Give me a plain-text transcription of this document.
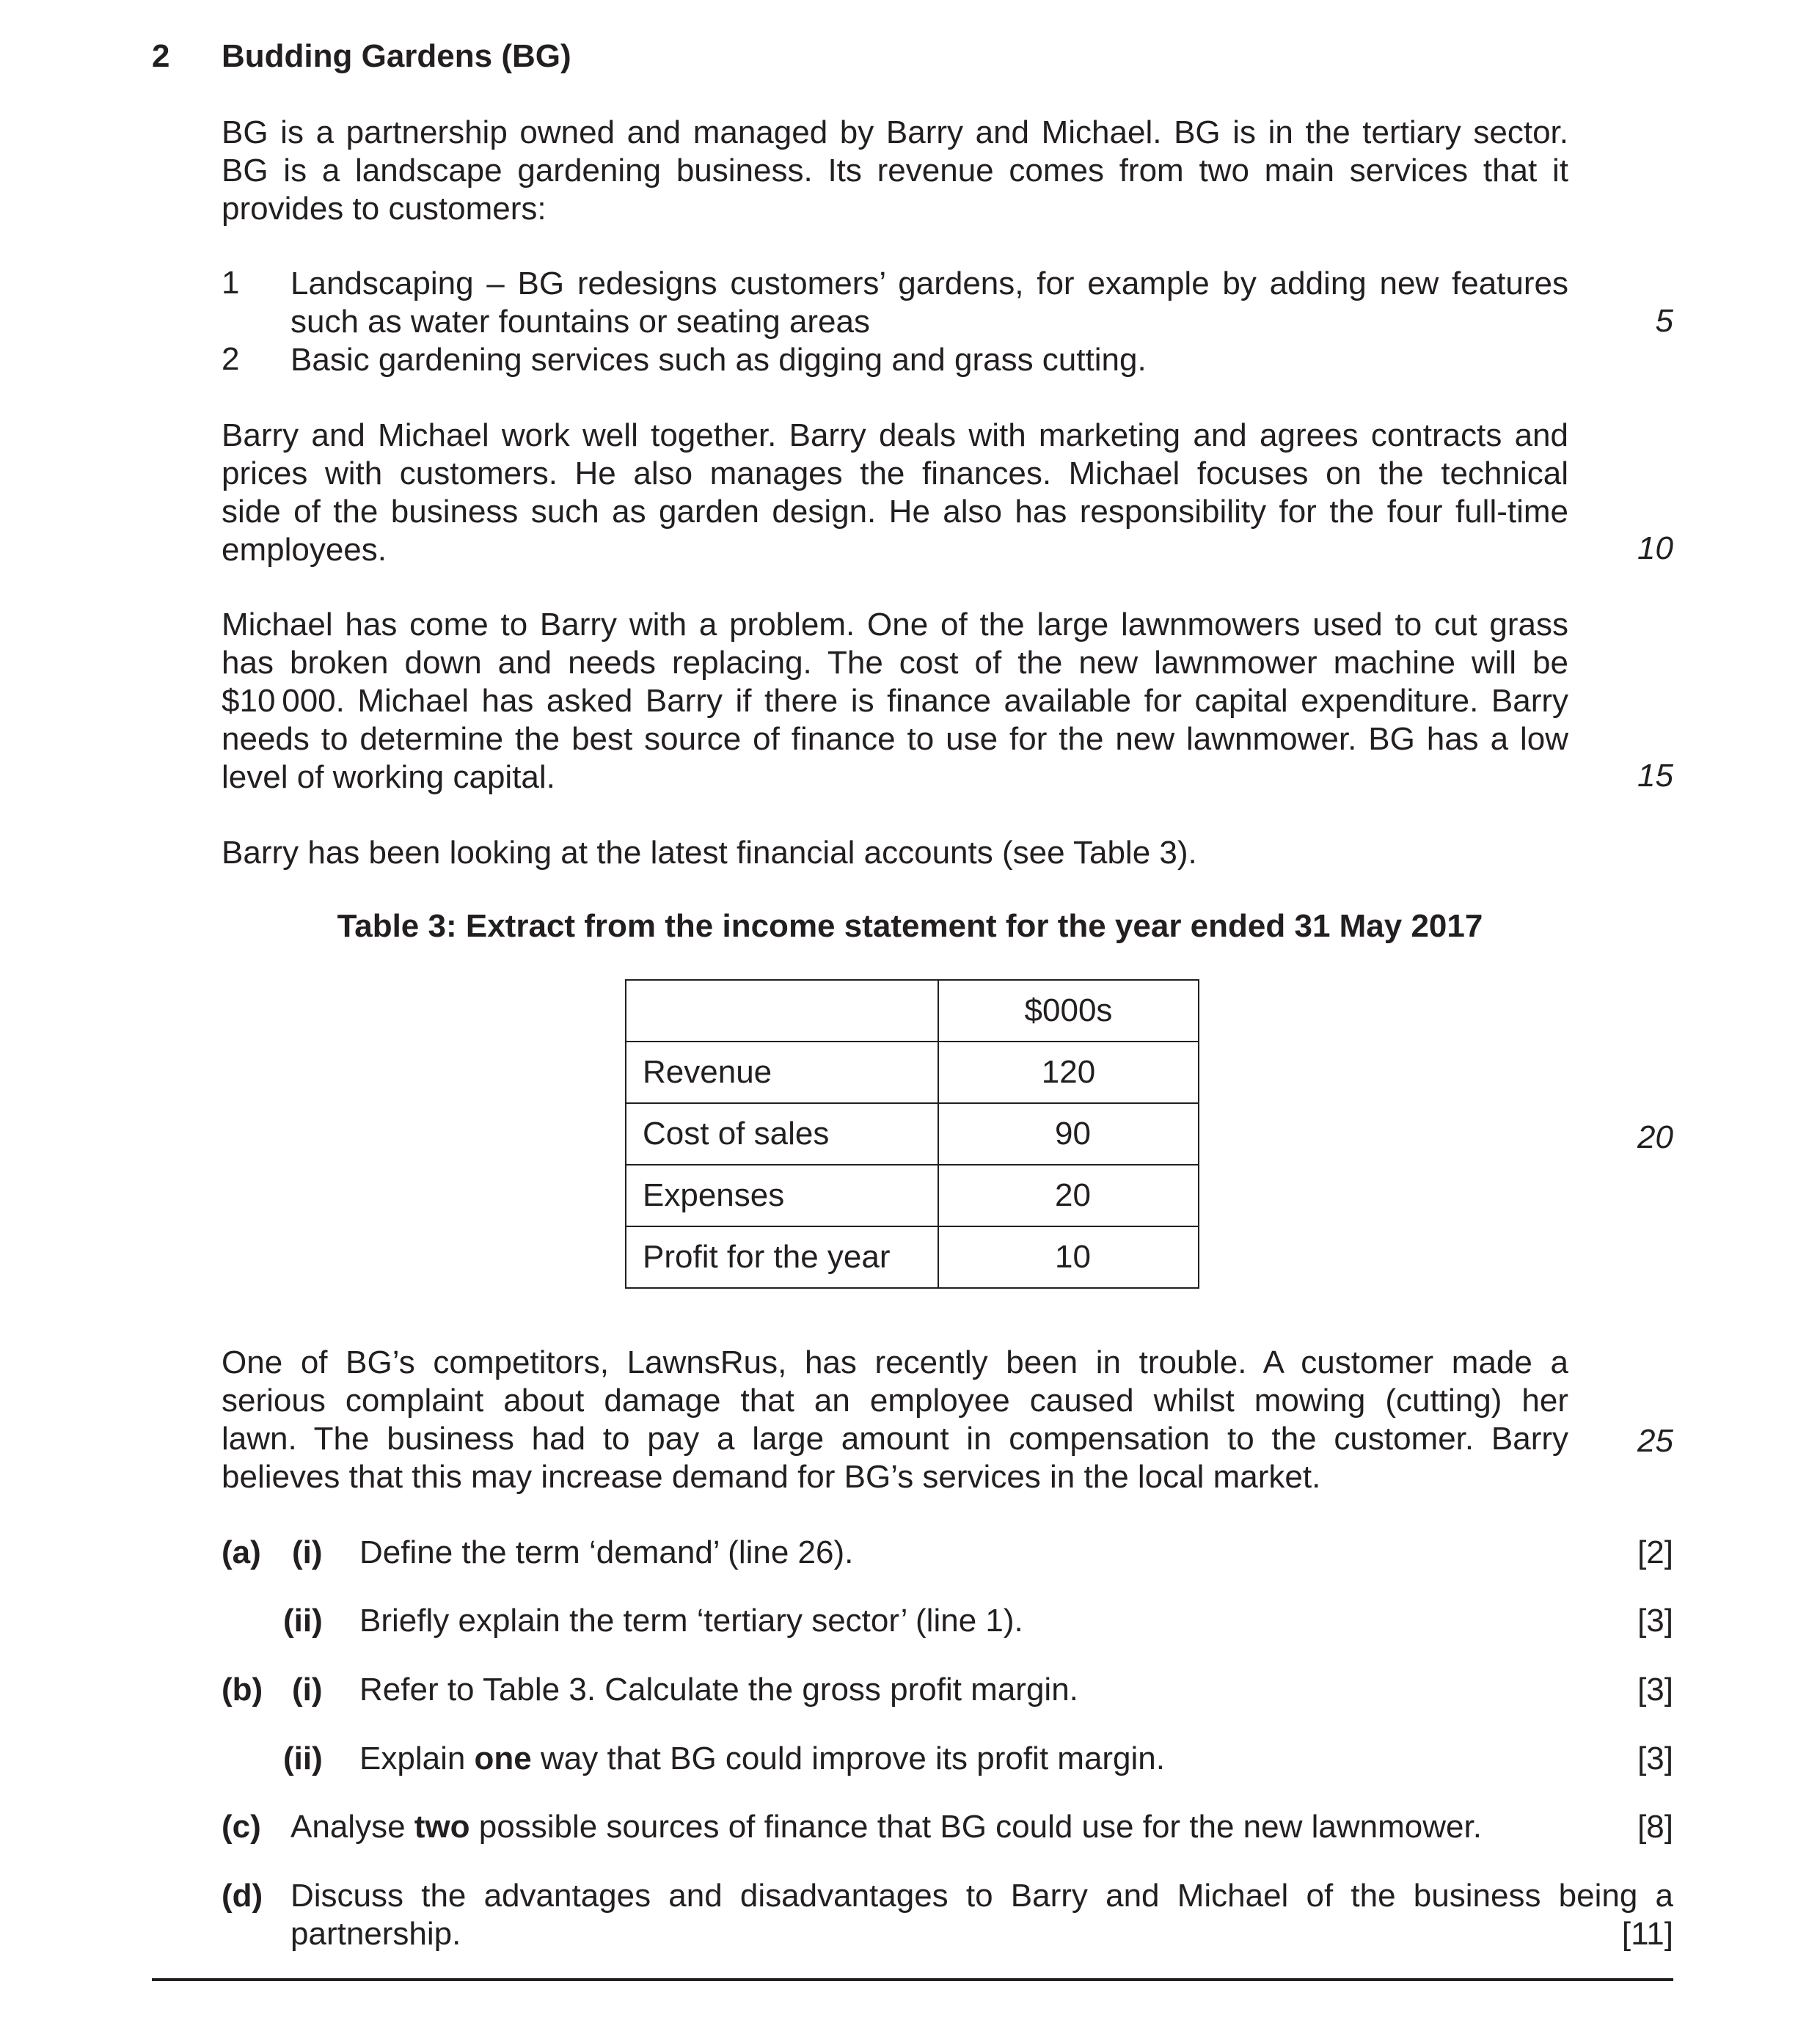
2 Budding Gardens (BG)
BG is a partnership owned and managed by Barry and Michael. BG is in the tertiary sector.
BG is a landscape gardening business. Its revenue comes from two main services that it
provides to customers:
1 Landscaping – BG redesigns customers’ gardens, for example by adding new features
such as water fountains or seating areas
2 Basic gardening services such as digging and grass cutting.
Barry and Michael work well together. Barry deals with marketing and agrees contracts and
prices with customers. He also manages the finances. Michael focuses on the technical
side of the business such as garden design. He also has responsibility for the four full-time
employees.
Michael has come to Barry with a problem. One of the large lawnmowers used to cut grass
has broken down and needs replacing. The cost of the new lawnmower machine will be
$10 000. Michael has asked Barry if there is finance available for capital expenditure. Barry
needs to determine the best source of finance to use for the new lawnmower. BG has a low
level of working capital.
Barry has been looking at the latest financial accounts (see Table 3).
Table 3: Extract from the income statement for the year ended 31 May 2017
	$000s
Revenue	120
Cost of sales	90
Expenses	20
Profit for the year	10
One of BG’s competitors, LawnsRus, has recently been in trouble. A customer made a
serious complaint about damage that an employee caused whilst mowing (cutting) her
lawn. The business had to pay a large amount in compensation to the customer. Barry
believes that this may increase demand for BG’s services in the local market.
5
10
15
20
25
(a) (i) Define the term ‘demand’ (line 26).	[2]
(ii) Briefly explain the term ‘tertiary sector’ (line 1).	[3]
(b) (i) Refer to Table 3. Calculate the gross profit margin.	[3]
(ii) Explain one way that BG could improve its profit margin.	[3]
(c) Analyse two possible sources of finance that BG could use for the new lawnmower.	[8]
(d) Discuss the advantages and disadvantages to Barry and Michael of the business being a
partnership.	[11]
